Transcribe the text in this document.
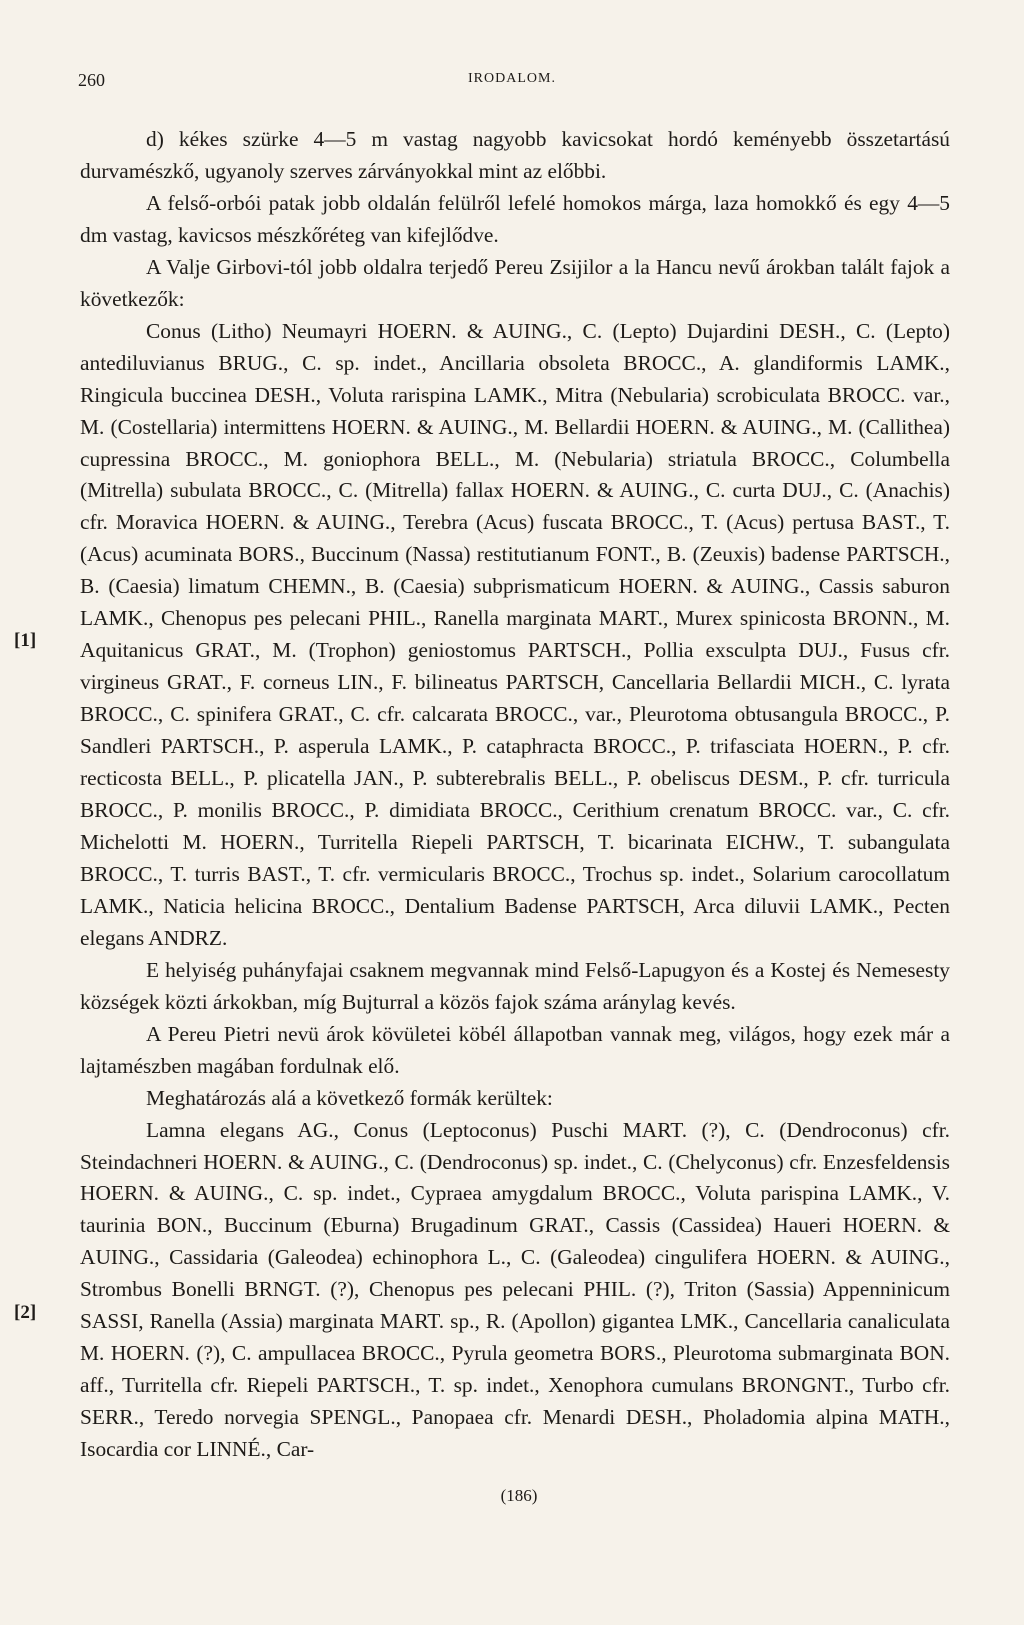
260	IRODALOM.
[1]
[2]

d) kékes szürke 4—5 m vastag nagyobb kavicsokat hordó keményebb összetartású durvamészkő, ugyanoly szerves zárványokkal mint az előbbi.

A felső-orbói patak jobb oldalán felülről lefelé homokos márga, laza homokkő és egy 4—5 dm vastag, kavicsos mészkőréteg van kifejlődve.

A Valje Girbovi-tól jobb oldalra terjedő Pereu Zsijilor a la Hancu nevű árokban talált fajok a következők:

Conus (Litho) Neumayri HOERN. & AUING., C. (Lepto) Dujardini DESH., C. (Lepto) antediluvianus BRUG., C. sp. indet., Ancillaria obsoleta BROCC., A. glandiformis LAMK., Ringicula buccinea DESH., Voluta rarispina LAMK., Mitra (Nebularia) scrobiculata BROCC. var., M. (Costellaria) intermittens HOERN. & AUING., M. Bellardii HOERN. & AUING., M. (Callithea) cupressina BROCC., M. goniophora BELL., M. (Nebularia) striatula BROCC., Columbella (Mitrella) subulata BROCC., C. (Mitrella) fallax HOERN. & AUING., C. curta DUJ., C. (Anachis) cfr. Moravica HOERN. & AUING., Terebra (Acus) fuscata BROCC., T. (Acus) pertusa BAST., T. (Acus) acuminata BORS., Buccinum (Nassa) restitutianum FONT., B. (Zeuxis) badense PARTSCH., B. (Caesia) limatum CHEMN., B. (Caesia) subprismaticum HOERN. & AUING., Cassis saburon LAMK., Chenopus pes pelecani PHIL., Ranella marginata MART., Murex spinicosta BRONN., M. Aquitanicus GRAT., M. (Trophon) geniostomus PARTSCH., Pollia exsculpta DUJ., Fusus cfr. virgineus GRAT., F. corneus LIN., F. bilineatus PARTSCH, Cancellaria Bellardii MICH., C. lyrata BROCC., C. spinifera GRAT., C. cfr. calcarata BROCC., var., Pleurotoma obtusangula BROCC., P. Sandleri PARTSCH., P. asperula LAMK., P. cataphracta BROCC., P. trifasciata HOERN., P. cfr. recticosta BELL., P. plicatella JAN., P. subterebralis BELL., P. obeliscus DESM., P. cfr. turricula BROCC., P. monilis BROCC., P. dimidiata BROCC., Cerithium crenatum BROCC. var., C. cfr. Michelotti M. HOERN., Turritella Riepeli PARTSCH, T. bicarinata EICHW., T. subangulata BROCC., T. turris BAST., T. cfr. vermicularis BROCC., Trochus sp. indet., Solarium carocollatum LAMK., Naticia helicina BROCC., Dentalium Badense PARTSCH, Arca diluvii LAMK., Pecten elegans ANDRZ.

E helyiség puhányfajai csaknem megvannak mind Felső-Lapugyon és a Kostej és Nemesesty községek közti árkokban, míg Bujturral a közös fajok száma aránylag kevés.

A Pereu Pietri nevü árok kövületei köbél állapotban vannak meg, világos, hogy ezek már a lajtamészben magában fordulnak elő.

Meghatározás alá a következő formák kerültek:

Lamna elegans AG., Conus (Leptoconus) Puschi MART. (?), C. (Dendroconus) cfr. Steindachneri HOERN. & AUING., C. (Dendroconus) sp. indet., C. (Chelyconus) cfr. Enzesfeldensis HOERN. & AUING., C. sp. indet., Cypraea amygdalum BROCC., Voluta parispina LAMK., V. taurinia BON., Buccinum (Eburna) Brugadinum GRAT., Cassis (Cassidea) Haueri HOERN. & AUING., Cassidaria (Galeodea) echinophora L., C. (Galeodea) cingulifera HOERN. & AUING., Strombus Bonelli BRNGT. (?), Chenopus pes pelecani PHIL. (?), Triton (Sassia) Appenninicum SASSI, Ranella (Assia) marginata MART. sp., R. (Apollon) gigantea LMK., Cancellaria canaliculata M. HOERN. (?), C. ampullacea BROCC., Pyrula geometra BORS., Pleurotoma submarginata BON. aff., Turritella cfr. Riepeli PARTSCH., T. sp. indet., Xenophora cumulans BRONGNT., Turbo cfr. SERR., Teredo norvegia SPENGL., Panopaea cfr. Menardi DESH., Pholadomia alpina MATH., Isocardia cor LINNÉ., Car-

(186)
